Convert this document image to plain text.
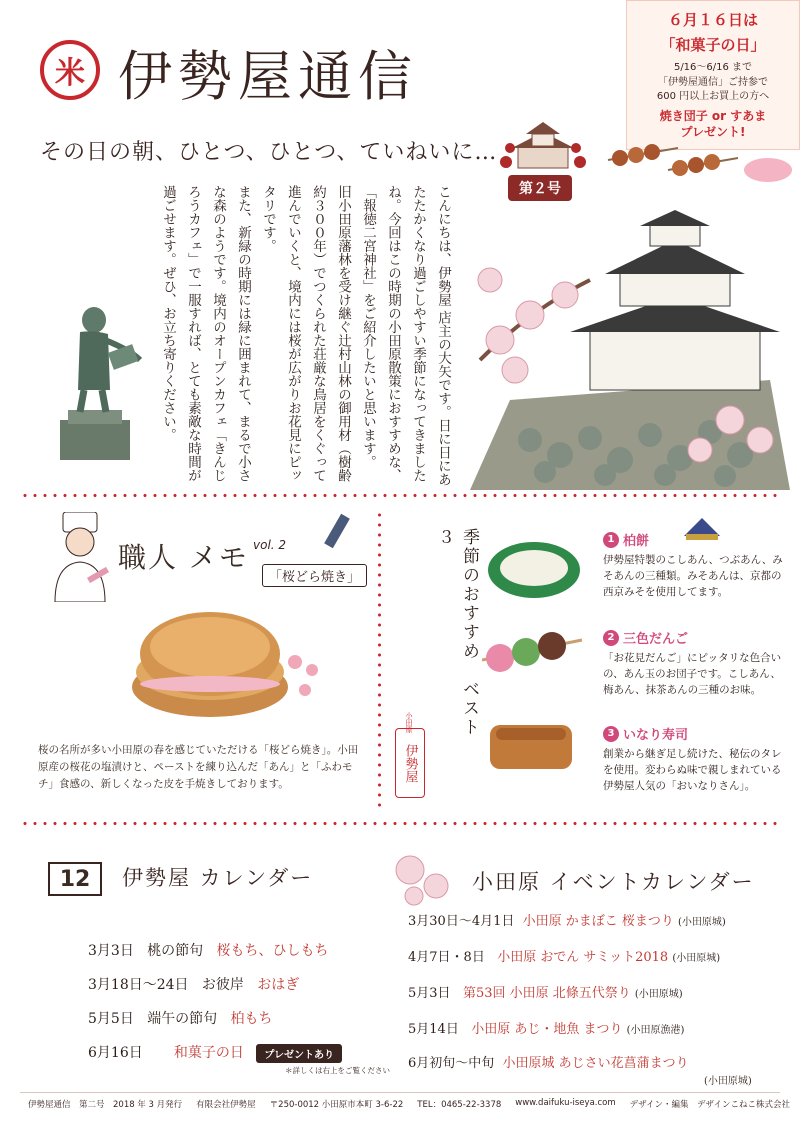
米 伊勢屋通信
その日の朝、ひとつ、ひとつ、ていねいに…
第２号
６月１６日は
「和菓子の日」
5/16〜6/16 まで
「伊勢屋通信」ご持参で
600 円以上お買上の方へ
焼き団子 or すあま
プレゼント!
こんにちは、伊勢屋 店主の大矢です。日に日にあたたかくなり過ごしやすい季節になってきましたね。今回はこの時期の小田原散策におすすめな、「報徳二宮神社」をご紹介したいと思います。
旧小田原藩林を受け継ぐ辻村山林の御用材（樹齢約３００年）でつくられた荘厳な鳥居をくぐって進んでいくと、境内には桜が広がりお花見にピッタリです。
また、新緑の時期には緑に囲まれて、まるで小さな森のようです。境内のオープンカフェ「きんじろうカフェ」で一服すれば、とても素敵な時間が過ごせます。ぜひ、お立ち寄りください。
職人 メモ vol. 2
「桜どら焼き」
桜の名所が多い小田原の春を感じていただける「桜どら焼き」。小田原産の桜花の塩漬けと、ペーストを練り込んだ「あん」と「ふわモチ」食感の、新しくなった皮を手焼きしております。
季節のおすすめ　ベスト３
小田原
伊勢屋
1 柏餅
伊勢屋特製のこしあん、つぶあん、みそあんの三種類。みそあんは、京都の西京みそを使用してます。
2 三色だんご
「お花見だんご」にピッタリな色合いの、あん玉のお団子です。こしあん、梅あん、抹茶あんの三種のお味。
3 いなり寿司
創業から継ぎ足し続けた、秘伝のタレを使用。変わらぬ味で親しまれている伊勢屋人気の「おいなりさん」。
12	伊勢屋 カレンダー
3月3日 桃の節句 桜もち、ひしもち
3月18日〜24日 お彼岸 おはぎ
5月5日 端午の節句 柏もち
6月16日 和菓子の日 プレゼントあり
＊詳しくは右上をご覧ください
小田原 イベントカレンダー
3月30日〜4月1日 小田原 かまぼこ 桜まつり (小田原城)
4月7日・8日 小田原 おでん サミット2018 (小田原城)
5月3日 第53回 小田原 北條五代祭り (小田原城)
5月14日 小田原 あじ・地魚 まつり (小田原漁港)
6月初旬〜中旬 小田原城 あじさい花菖蒲まつり
(小田原城)
伊勢屋通信　第二号　2018 年 3 月発行 有限会社伊勢屋 〒250-0012 小田原市本町 3-6-22 TEL：0465-22-3378 www.daifuku-iseya.com デザイン・編集　デザインこねこ株式会社
